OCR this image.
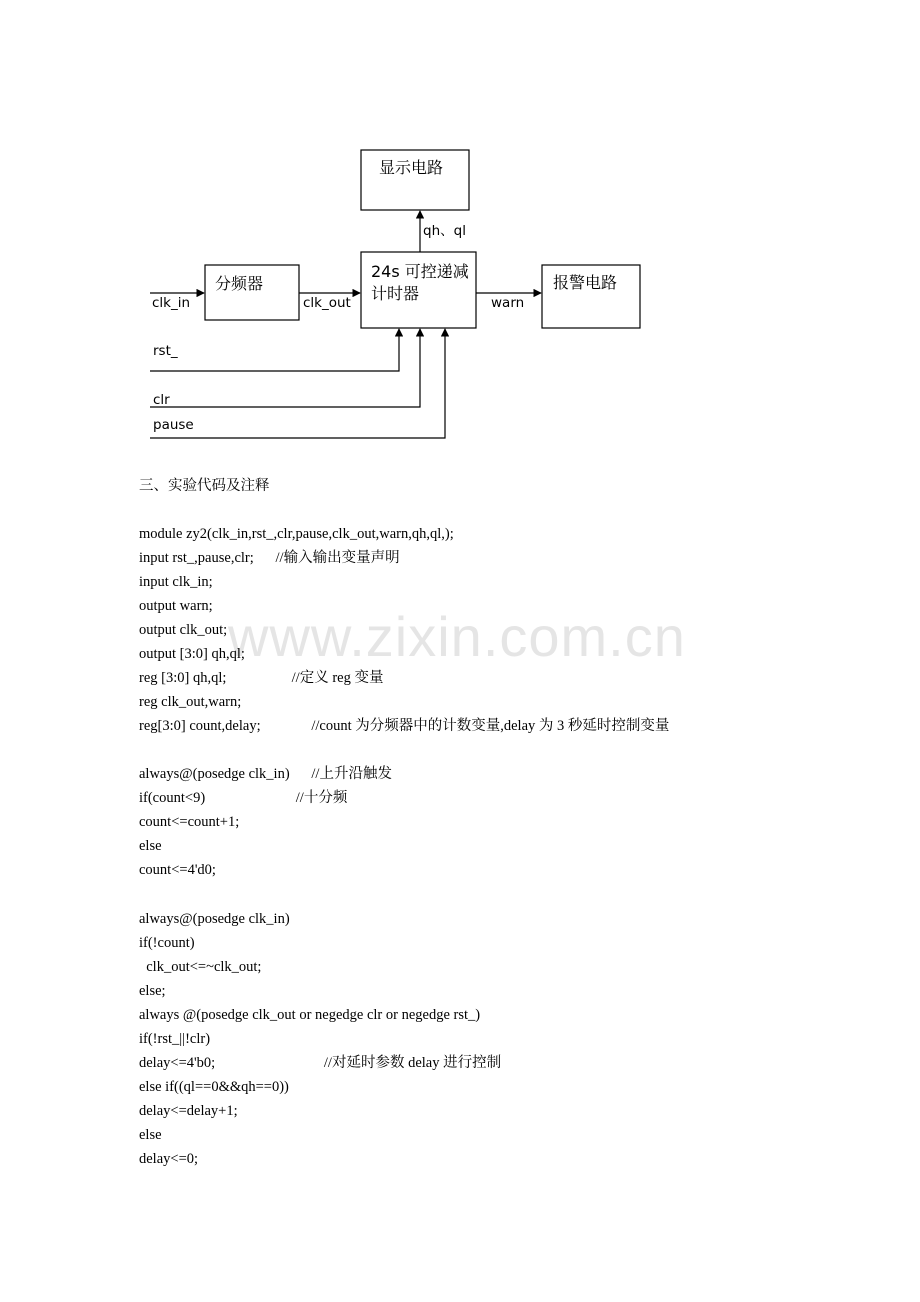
显示电路
分频器
24s 可控递减
计时器
报警电路
clk_in	clk_out
qh、ql
warn
rst_
clr
pause
www.zixin.com.cn
三、实验代码及注释
module zy2(clk_in,rst_,clr,pause,clk_out,warn,qh,ql,);
input rst_,pause,clr;      //输入输出变量声明
input clk_in;
output warn;
output clk_out;
output [3:0] qh,ql;
reg [3:0] qh,ql;                  //定义 reg 变量
reg clk_out,warn;
reg[3:0] count,delay;              //count 为分频器中的计数变量,delay 为 3 秒延时控制变量
always@(posedge clk_in)      //上升沿触发
if(count<9)                         //十分频
count<=count+1;
else
count<=4'd0;
always@(posedge clk_in)
if(!count)
clk_out<=~clk_out;
else;
always @(posedge clk_out or negedge clr or negedge rst_)
if(!rst_||!clr)
delay<=4'b0;                              //对延时参数 delay 进行控制
else if((ql==0&&qh==0))
delay<=delay+1;
else
delay<=0;
